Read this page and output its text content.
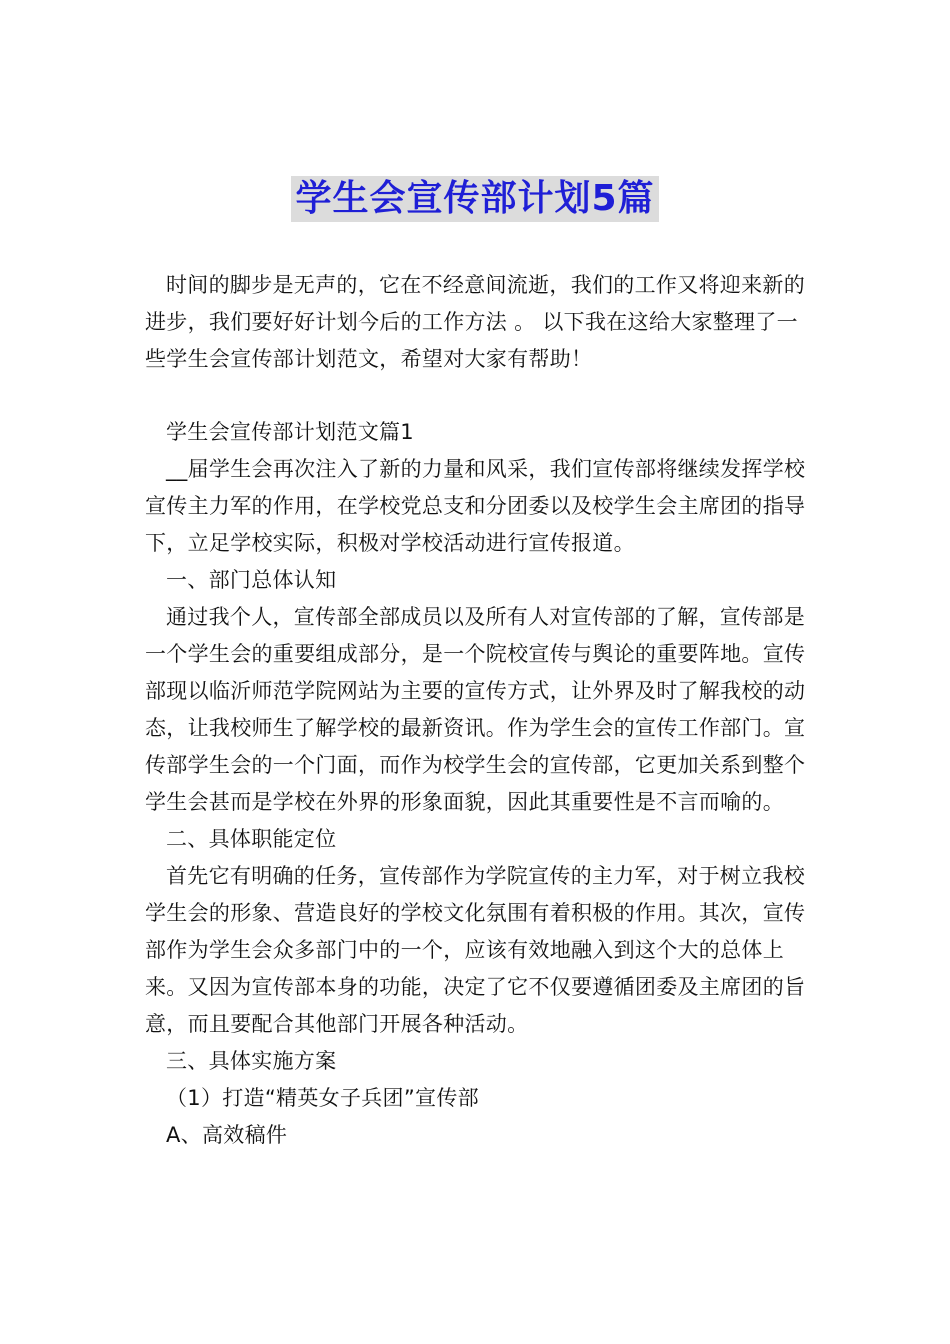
学生会宣传部计划5篇

时间的脚步是无声的，它在不经意间流逝，我们的工作又将迎来新的进步，我们要好好计划今后的工作方法 。 以下我在这给大家整理了一些学生会宣传部计划范文，希望对大家有帮助！

学生会宣传部计划范文篇1

__届学生会再次注入了新的力量和风采，我们宣传部将继续发挥学校宣传主力军的作用，在学校党总支和分团委以及校学生会主席团的指导下，立足学校实际，积极对学校活动进行宣传报道。

一、部门总体认知

通过我个人，宣传部全部成员以及所有人对宣传部的了解，宣传部是一个学生会的重要组成部分，是一个院校宣传与舆论的重要阵地。宣传部现以临沂师范学院网站为主要的宣传方式，让外界及时了解我校的动态，让我校师生了解学校的最新资讯。作为学生会的宣传工作部门。宣传部学生会的一个门面，而作为校学生会的宣传部，它更加关系到整个学生会甚而是学校在外界的形象面貌，因此其重要性是不言而喻的。

二、具体职能定位

首先它有明确的任务，宣传部作为学院宣传的主力军，对于树立我校学生会的形象、营造良好的学校文化氛围有着积极的作用。其次，宣传部作为学生会众多部门中的一个，应该有效地融入到这个大的总体上来。又因为宣传部本身的功能，决定了它不仅要遵循团委及主席团的旨意，而且要配合其他部门开展各种活动。

三、具体实施方案

（1）打造“精英女子兵团”宣传部

A、高效稿件
